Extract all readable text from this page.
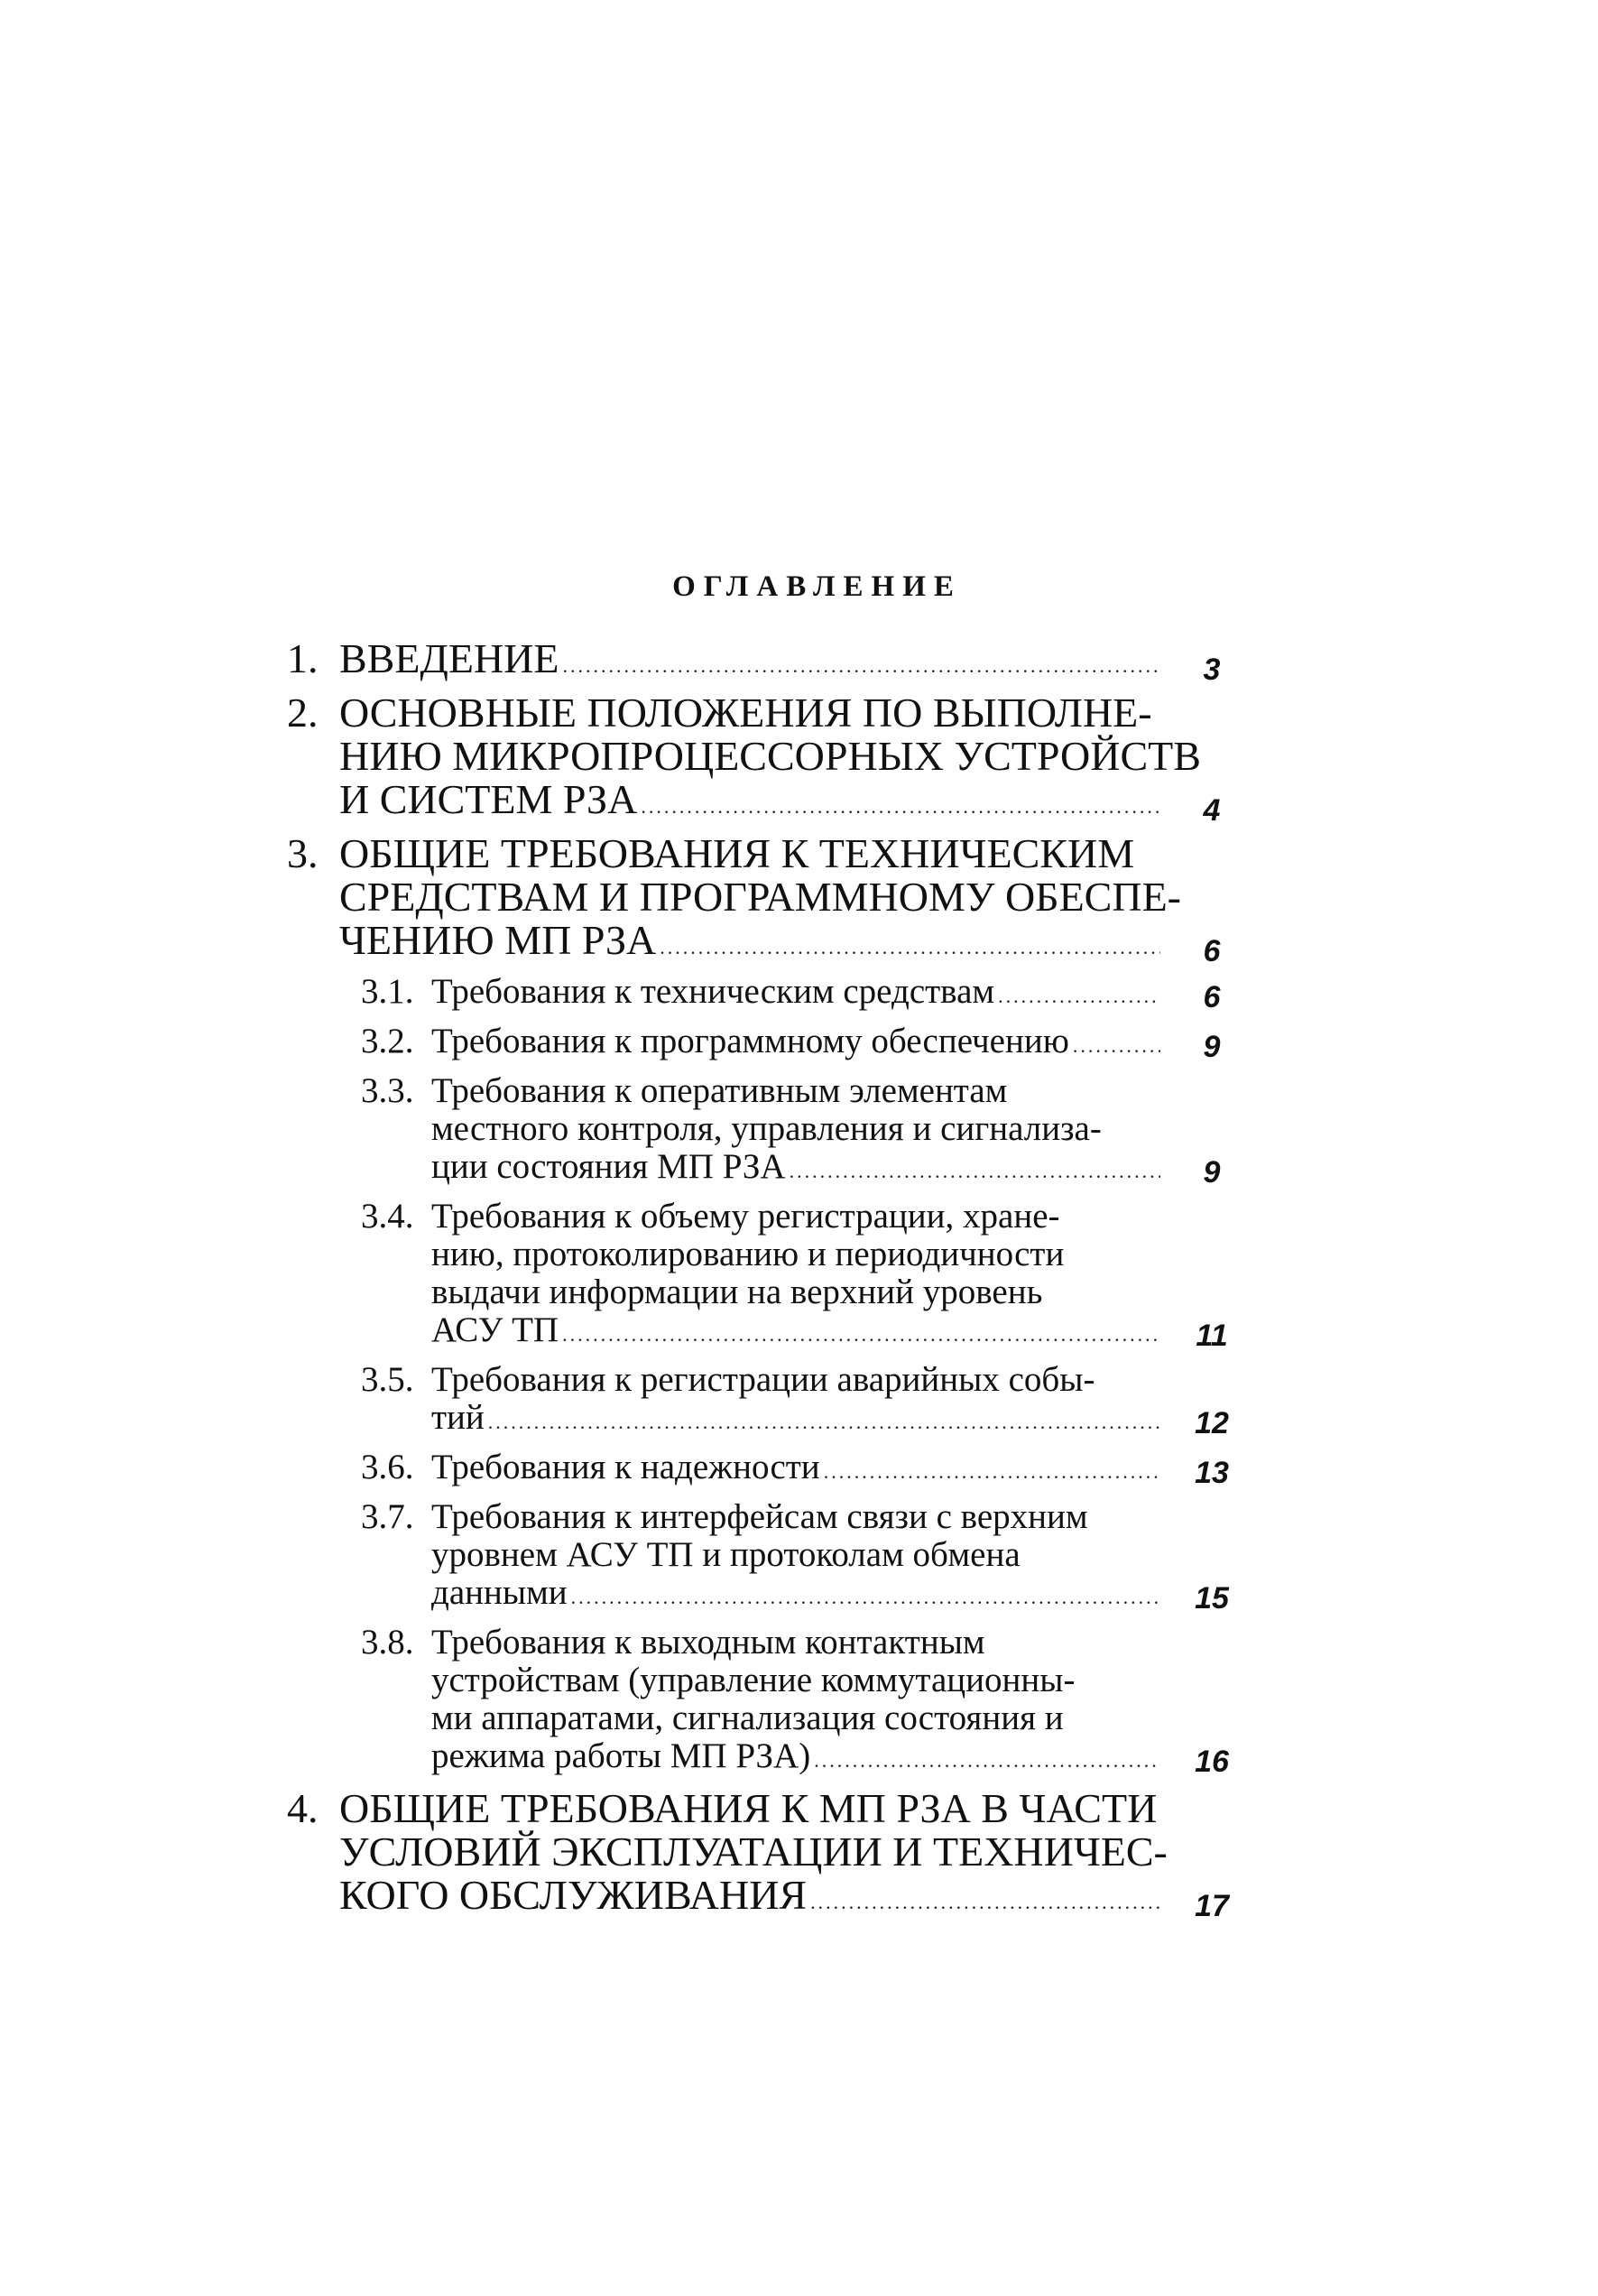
ОГЛАВЛЕНИЕ
1. ВВЕДЕНИЕ .....	3
2. ОСНОВНЫЕ ПОЛОЖЕНИЯ ПО ВЫПОЛНЕ-
НИЮ МИКРОПРОЦЕССОРНЫХ УСТРОЙСТВ
И СИСТЕМ РЗА .....	4
3. ОБЩИЕ ТРЕБОВАНИЯ К ТЕХНИЧЕСКИМ
СРЕДСТВАМ И ПРОГРАММНОМУ ОБЕСПЕ-
ЧЕНИЮ МП РЗА .....	6
3.1. Требования к техническим средствам .....	6
3.2. Требования к программному обеспечению .....	9
3.3. Требования к оперативным элементам
местного контроля, управления и сигнализа-
ции состояния МП РЗА .....	9
3.4. Требования к объему регистрации, хране-
нию, протоколированию и периодичности
выдачи информации на верхний уровень
АСУ ТП .....	11
3.5. Требования к регистрации аварийных собы-
тий .....	12
3.6. Требования к надежности .....	13
3.7. Требования к интерфейсам связи с верхним
уровнем АСУ ТП и протоколам обмена
данными .....	15
3.8. Требования к выходным контактным
устройствам (управление коммутационны-
ми аппаратами, сигнализация состояния и
режима работы МП РЗА) .....	16
4. ОБЩИЕ ТРЕБОВАНИЯ К МП РЗА В ЧАСТИ
УСЛОВИЙ ЭКСПЛУАТАЦИИ И ТЕХНИЧЕС-
КОГО ОБСЛУЖИВАНИЯ .....	17
